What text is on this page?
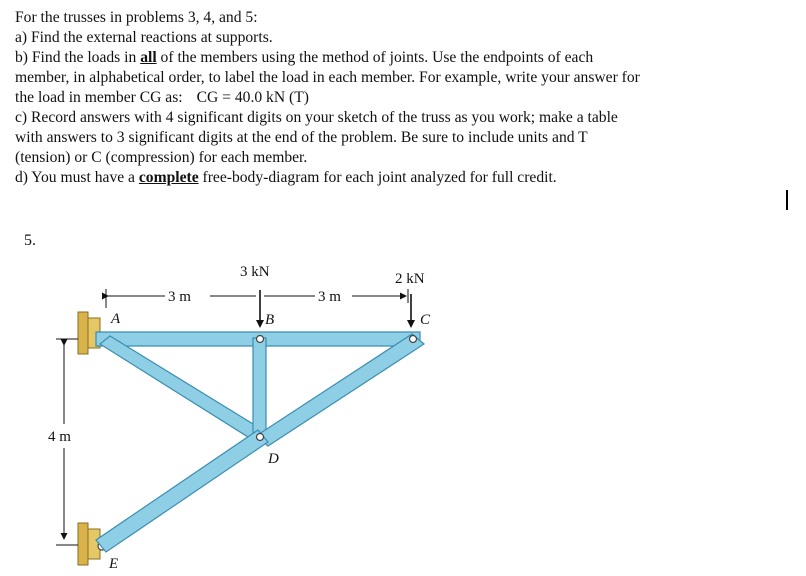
For the trusses in problems 3, 4, and 5:
a) Find the external reactions at supports.
b) Find the loads in all of the members using the method of joints. Use the endpoints of each
member, in alphabetical order, to label the load in each member. For example, write your answer for
the load in member CG as: CG = 40.0 kN (T)
c) Record answers with 4 significant digits on your sketch of the truss as you work; make a table
with answers to 3 significant digits at the end of the problem. Be sure to include units and T
(tension) or C (compression) for each member.
d) You must have a complete free-body-diagram for each joint analyzed for full credit.
5.
3 kN	2 kN
3 m	3 m
4 m
A	B	C
D
E
